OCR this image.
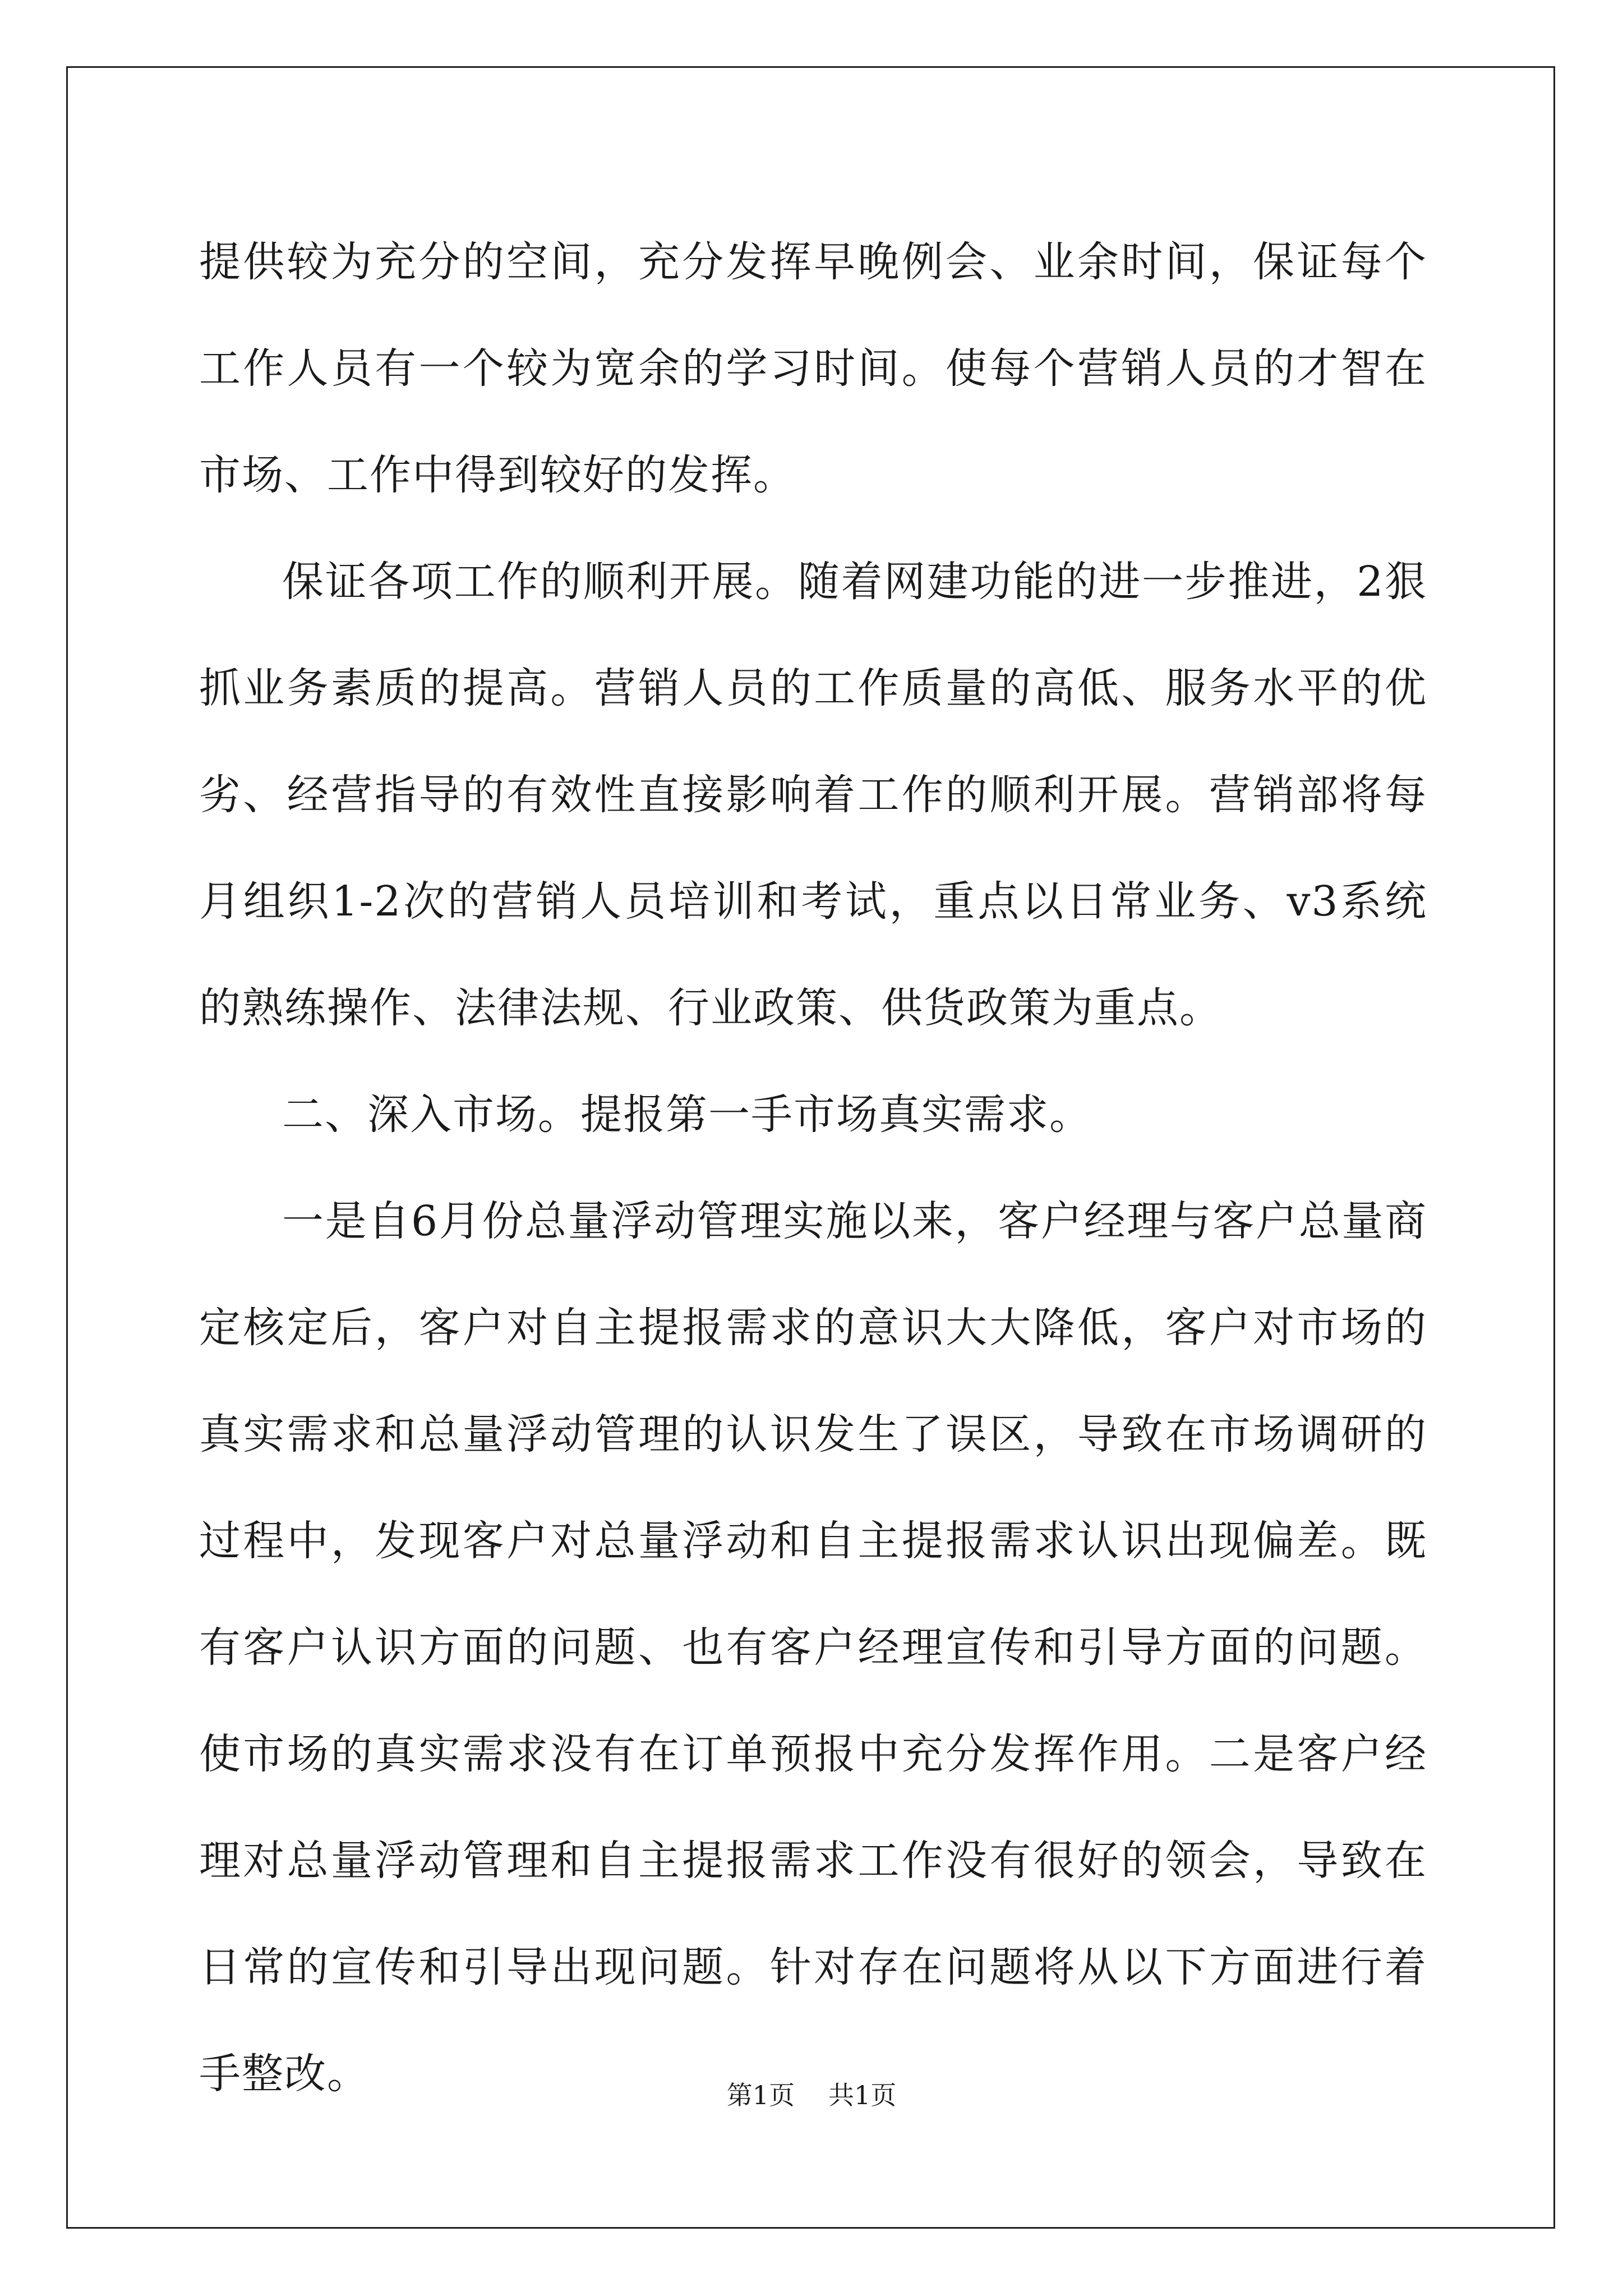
提供较为充分的空间，充分发挥早晚例会、业余时间，保证每个工作人员有一个较为宽余的学习时间。使每个营销人员的才智在市场、工作中得到较好的发挥。

保证各项工作的顺利开展。随着网建功能的进一步推进，2狠抓业务素质的提高。营销人员的工作质量的高低、服务水平的优劣、经营指导的有效性直接影响着工作的顺利开展。营销部将每月组织1-2次的营销人员培训和考试，重点以日常业务、v3系统的熟练操作、法律法规、行业政策、供货政策为重点。

二、深入市场。提报第一手市场真实需求。

一是自6月份总量浮动管理实施以来，客户经理与客户总量商定核定后，客户对自主提报需求的意识大大降低，客户对市场的真实需求和总量浮动管理的认识发生了误区，导致在市场调研的过程中，发现客户对总量浮动和自主提报需求认识出现偏差。既有客户认识方面的问题、也有客户经理宣传和引导方面的问题。使市场的真实需求没有在订单预报中充分发挥作用。二是客户经理对总量浮动管理和自主提报需求工作没有很好的领会，导致在日常的宣传和引导出现问题。针对存在问题将从以下方面进行着手整改。	第1页 共1页
